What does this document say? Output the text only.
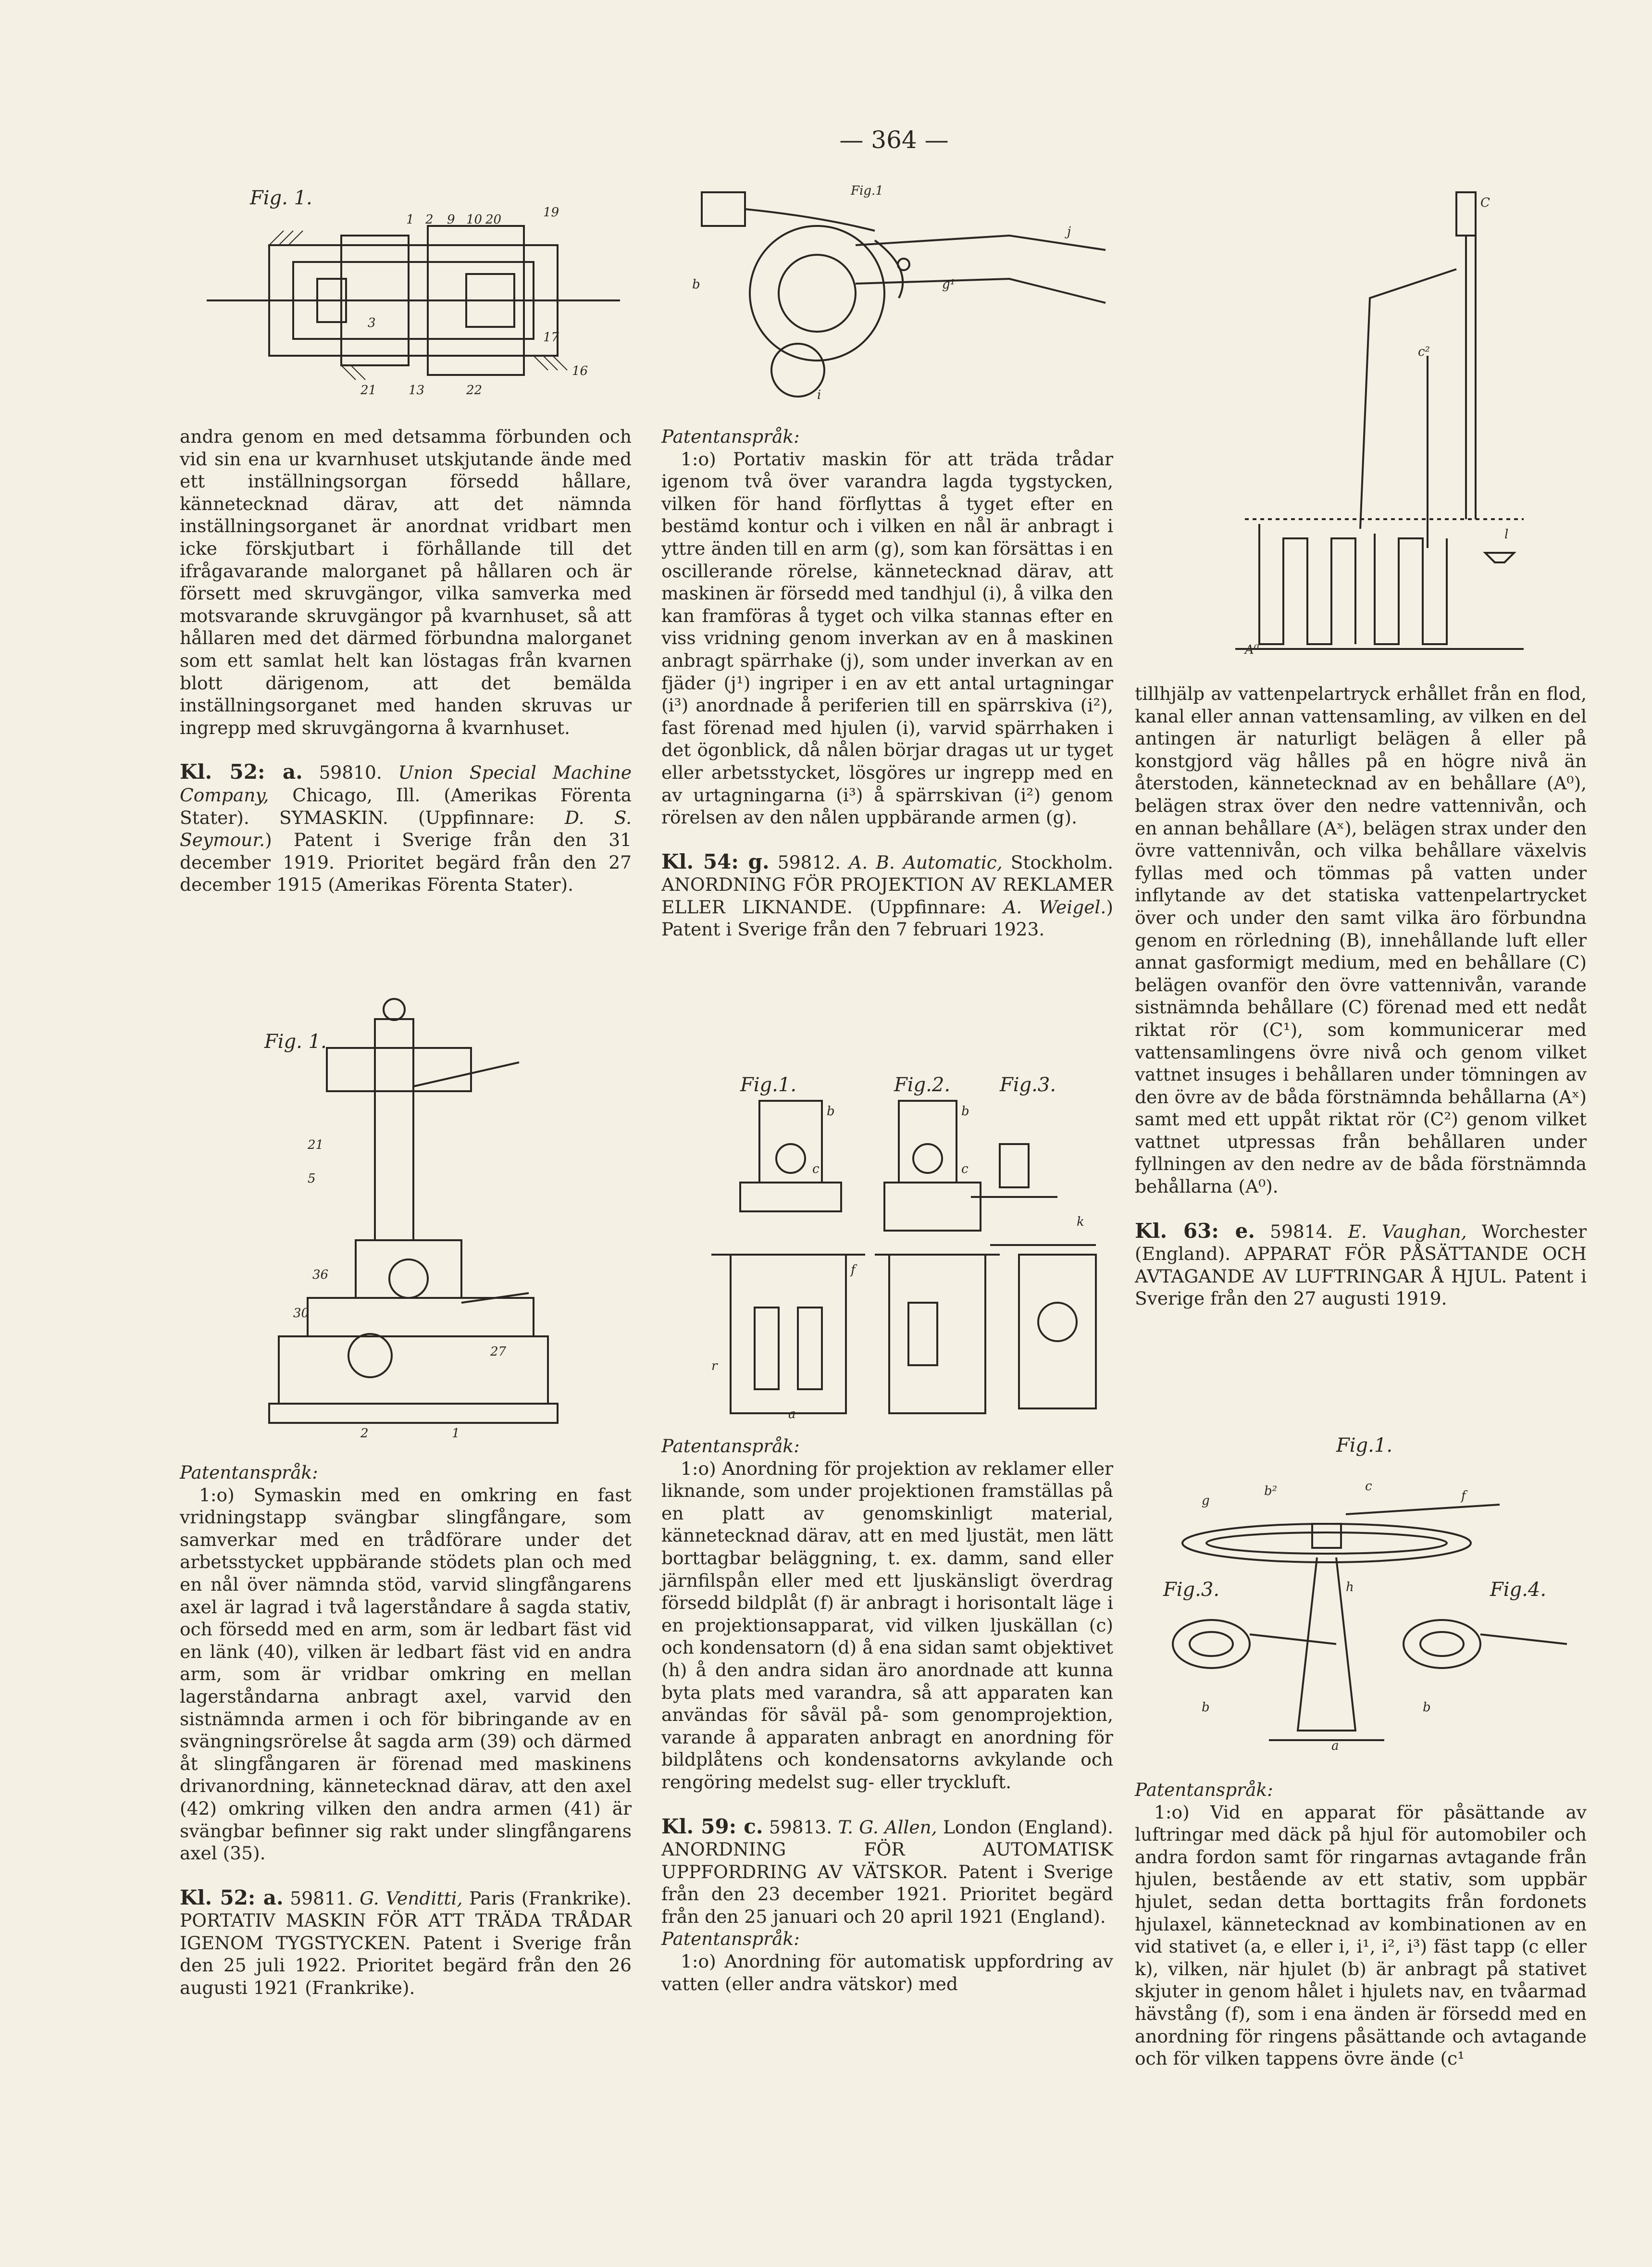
— 364 —
Fig. 1.
1 2 9 10 20	19
3
17
21	13	22
16

andra genom en med detsamma förbunden och vid sin ena ur kvarnhuset utskjutande ände med ett inställningsorgan försedd hållare, kännetecknad därav, att det nämnda inställningsorganet är anordnat vridbart men icke förskjutbart i förhållande till det ifrågavarande malorganet på hållaren och är försett med skruvgängor, vilka samverka med motsvarande skruvgängor på kvarnhuset, så att hållaren med det därmed förbundna malorganet som ett samlat helt kan löstagas från kvarnen blott därigenom, att det bemälda inställningsorganet med handen skruvas ur ingrepp med skruvgängorna å kvarnhuset.

Kl. 52: a. 59810. Union Special Machine Company, Chicago, Ill. (Amerikas Förenta Stater). SYMASKIN. (Uppfinnare: D. S. Seymour.) Patent i Sverige från den 31 december 1919. Prioritet begärd från den 27 december 1915 (Amerikas Förenta Stater).

Fig. 1.
21
5
36
30
27
2	1

Patentanspråk:

1:o) Symaskin med en omkring en fast vridningstapp svängbar slingfångare, som samverkar med en trådförare under det arbetsstycket uppbärande stödets plan och med en nål över nämnda stöd, varvid slingfångarens axel är lagrad i två lagerståndare å sagda stativ, och försedd med en arm, som är ledbart fäst vid en länk (40), vilken är ledbart fäst vid en andra arm, som är vridbar omkring en mellan lagerståndarna anbragt axel, varvid den sistnämnda armen i och för bibringande av en svängningsrörelse åt sagda arm (39) och därmed åt slingfångaren är förenad med maskinens drivanordning, kännetecknad därav, att den axel (42) omkring vilken den andra armen (41) är svängbar befinner sig rakt under slingfångarens axel (35).

Kl. 52: a. 59811. G. Venditti, Paris (Frankrike). PORTATIV MASKIN FÖR ATT TRÄDA TRÅDAR IGENOM TYGSTYCKEN. Patent i Sverige från den 25 juli 1922. Prioritet begärd från den 26 augusti 1921 (Frankrike).

Fig.1
b
j
g¹
i

Patentanspråk:

1:o) Portativ maskin för att träda trådar igenom två över varandra lagda tygstycken, vilken för hand förflyttas å tyget efter en bestämd kontur och i vilken en nål är anbragt i yttre änden till en arm (g), som kan försättas i en oscillerande rörelse, kännetecknad därav, att maskinen är försedd med tandhjul (i), å vilka den kan framföras å tyget och vilka stannas efter en viss vridning genom inverkan av en å maskinen anbragt spärrhake (j), som under inverkan av en fjäder (j¹) ingriper i en av ett antal urtagningar (i³) anordnade å periferien till en spärrskiva (i²), fast förenad med hjulen (i), varvid spärrhaken i det ögonblick, då nålen börjar dragas ut ur tyget eller arbetsstycket, lösgöres ur ingrepp med en av urtagningarna (i³) å spärrskivan (i²) genom rörelsen av den nålen uppbärande armen (g).

Kl. 54: g. 59812. A. B. Automatic, Stockholm. ANORDNING FÖR PROJEKTION AV REKLAMER ELLER LIKNANDE. (Uppfinnare: A. Weigel.) Patent i Sverige från den 7 februari 1923.

Fig.1.	Fig.2.	Fig.3.
b	b
c	c
f
k
r
a

Patentanspråk:

1:o) Anordning för projektion av reklamer eller liknande, som under projektionen framställas på en platt av genomskinligt material, kännetecknad därav, att en med ljustät, men lätt borttagbar beläggning, t. ex. damm, sand eller järnfilspån eller med ett ljuskänsligt överdrag försedd bildplåt (f) är anbragt i horisontalt läge i en projektionsapparat, vid vilken ljuskällan (c) och kondensatorn (d) å ena sidan samt objektivet (h) å den andra sidan äro anordnade att kunna byta plats med varandra, så att apparaten kan användas för såväl på- som genomprojektion, varande å apparaten anbragt en anordning för bildplåtens och kondensatorns avkylande och rengöring medelst sug- eller tryckluft.

Kl. 59: c. 59813. T. G. Allen, London (England). ANORDNING FÖR AUTOMATISK UPPFORDRING AV VÄTSKOR. Patent i Sverige från den 23 december 1921. Prioritet begärd från den 25 januari och 20 april 1921 (England).

Patentanspråk:

1:o) Anordning för automatisk uppfordring av vatten (eller andra vätskor) med

C
c²
A⁰
l

tillhjälp av vattenpelartryck erhållet från en flod, kanal eller annan vattensamling, av vilken en del antingen är naturligt belägen å eller på konstgjord väg hålles på en högre nivå än återstoden, kännetecknad av en behållare (A⁰), belägen strax över den nedre vattennivån, och en annan behållare (Aˣ), belägen strax under den övre vattennivån, och vilka behållare växelvis fyllas med och tömmas på vatten under inflytande av det statiska vattenpelartrycket över och under den samt vilka äro förbundna genom en rörledning (B), innehållande luft eller annat gasformigt medium, med en behållare (C) belägen ovanför den övre vattennivån, varande sistnämnda behållare (C) förenad med ett nedåt riktat rör (C¹), som kommunicerar med vattensamlingens övre nivå och genom vilket vattnet insuges i behållaren under tömningen av den övre av de båda förstnämnda behållarna (Aˣ) samt med ett uppåt riktat rör (C²) genom vilket vattnet utpressas från behållaren under fyllningen av den nedre av de båda förstnämnda behållarna (A⁰).

Kl. 63: e. 59814. E. Vaughan, Worchester (England). APPARAT FÖR PÅSÄTTANDE OCH AVTAGANDE AV LUFTRINGAR Å HJUL. Patent i Sverige från den 27 augusti 1919.

Fig.1.
Fig.3.	Fig.4.
g
b²	c
f
h
b	b
a

Patentanspråk:

1:o) Vid en apparat för påsättande av luftringar med däck på hjul för automobiler och andra fordon samt för ringarnas avtagande från hjulen, bestående av ett stativ, som uppbär hjulet, sedan detta borttagits från fordonets hjulaxel, kännetecknad av kombinationen av en vid stativet (a, e eller i, i¹, i², i³) fäst tapp (c eller k), vilken, när hjulet (b) är anbragt på stativet skjuter in genom hålet i hjulets nav, en tvåarmad hävstång (f), som i ena änden är försedd med en anordning för ringens påsättande och avtagande och för vilken tappens övre ände (c¹
